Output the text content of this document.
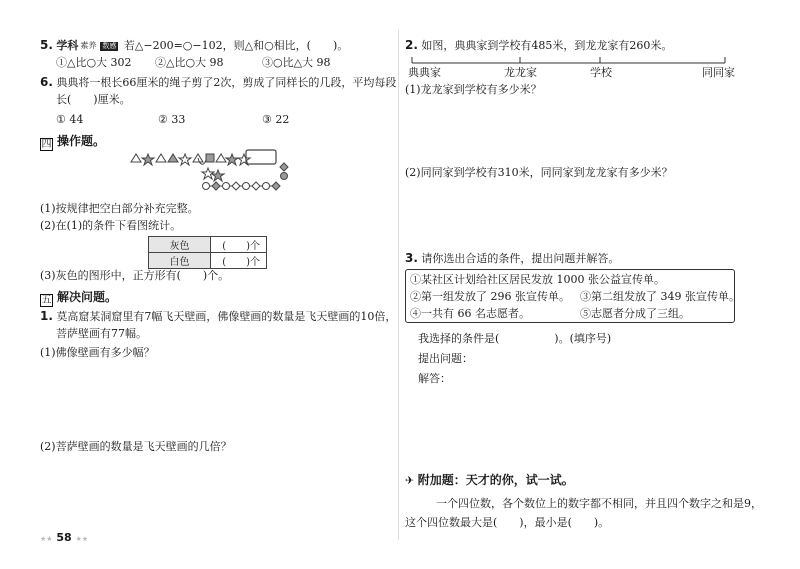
5. 学科 素养 数感 若△−200=○−102，则△和○相比，(　　)。
①△比○大 302 ②△比○大 98	③○比△大 98
6. 典典将一根长66厘米的绳子剪了2次，剪成了同样长的几段，平均每段
长(　　)厘米。
① 44	② 33	③ 22
四 操作题。
(1)按规律把空白部分补充完整。
(2)在(1)的条件下看图统计。
灰色	(　　)个
白色	(　　)个
(3)灰色的图形中，正方形有(　　)个。
五 解决问题。
1. 莫高窟某洞窟里有7幅飞天壁画，佛像壁画的数量是飞天壁画的10倍，
菩萨壁画有77幅。
(1)佛像壁画有多少幅？
(2)菩萨壁画的数量是飞天壁画的几倍？
★★ 58 ★★
2. 如图，典典家到学校有485米，到龙龙家有260米。
典典家	龙龙家	学校	同同家
(1)龙龙家到学校有多少米？
(2)同同家到学校有310米，同同家到龙龙家有多少米？
3. 请你选出合适的条件，提出问题并解答。
①某社区计划给社区居民发放 1000 张公益宣传单。
②第一组发放了 296 张宣传单。 ③第二组发放了 349 张宣传单。
④一共有 66 名志愿者。	⑤志愿者分成了三组。
我选择的条件是(　　　　　)。(填序号)
提出问题：
解答：
✈ 附加题：天才的你，试一试。
一个四位数，各个数位上的数字都不相同，并且四个数字之和是9，
这个四位数最大是(　　)，最小是(　　)。
